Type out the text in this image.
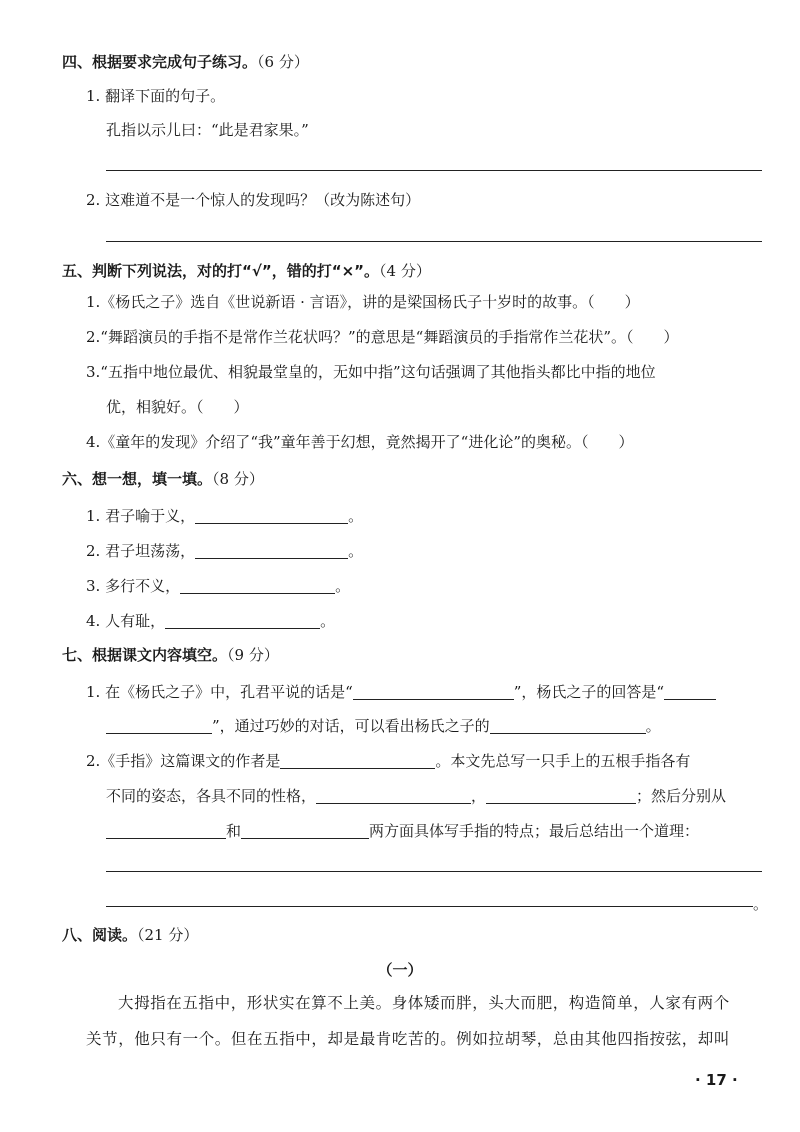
四、根据要求完成句子练习。（6 分）
1. 翻译下面的句子。
孔指以示儿曰：“此是君家果。”
2. 这难道不是一个惊人的发现吗？（改为陈述句）
五、判断下列说法，对的打“√”，错的打“×”。（4 分）
1.《杨氏之子》选自《世说新语 · 言语》，讲的是梁国杨氏子十岁时的故事。（　　）
2.“舞蹈演员的手指不是常作兰花状吗？”的意思是“舞蹈演员的手指常作兰花状”。（　　）
3.“五指中地位最优、相貌最堂皇的，无如中指”这句话强调了其他指头都比中指的地位
优，相貌好。（　　）
4.《童年的发现》介绍了“我”童年善于幻想，竟然揭开了“进化论”的奥秘。（　　）
六、想一想，填一填。（8 分）
1. 君子喻于义，	。
2. 君子坦荡荡，	。
3. 多行不义，	。
4. 人有耻，	。
七、根据课文内容填空。（9 分）
1. 在《杨氏之子》中，孔君平说的话是“	”，杨氏之子的回答是“
”，通过巧妙的对话，可以看出杨氏之子的	。
2.《手指》这篇课文的作者是	。本文先总写一只手上的五根手指各有
不同的姿态，各具不同的性格，	，	；然后分别从
和	两方面具体写手指的特点；最后总结出一个道理：
。
八、阅读。（21 分）
（一）
大拇指在五指中，形状实在算不上美。身体矮而胖，头大而肥，构造简单，人家有两个
关节，他只有一个。但在五指中，却是最肯吃苦的。例如拉胡琴，总由其他四指按弦，却叫
· 17 ·
